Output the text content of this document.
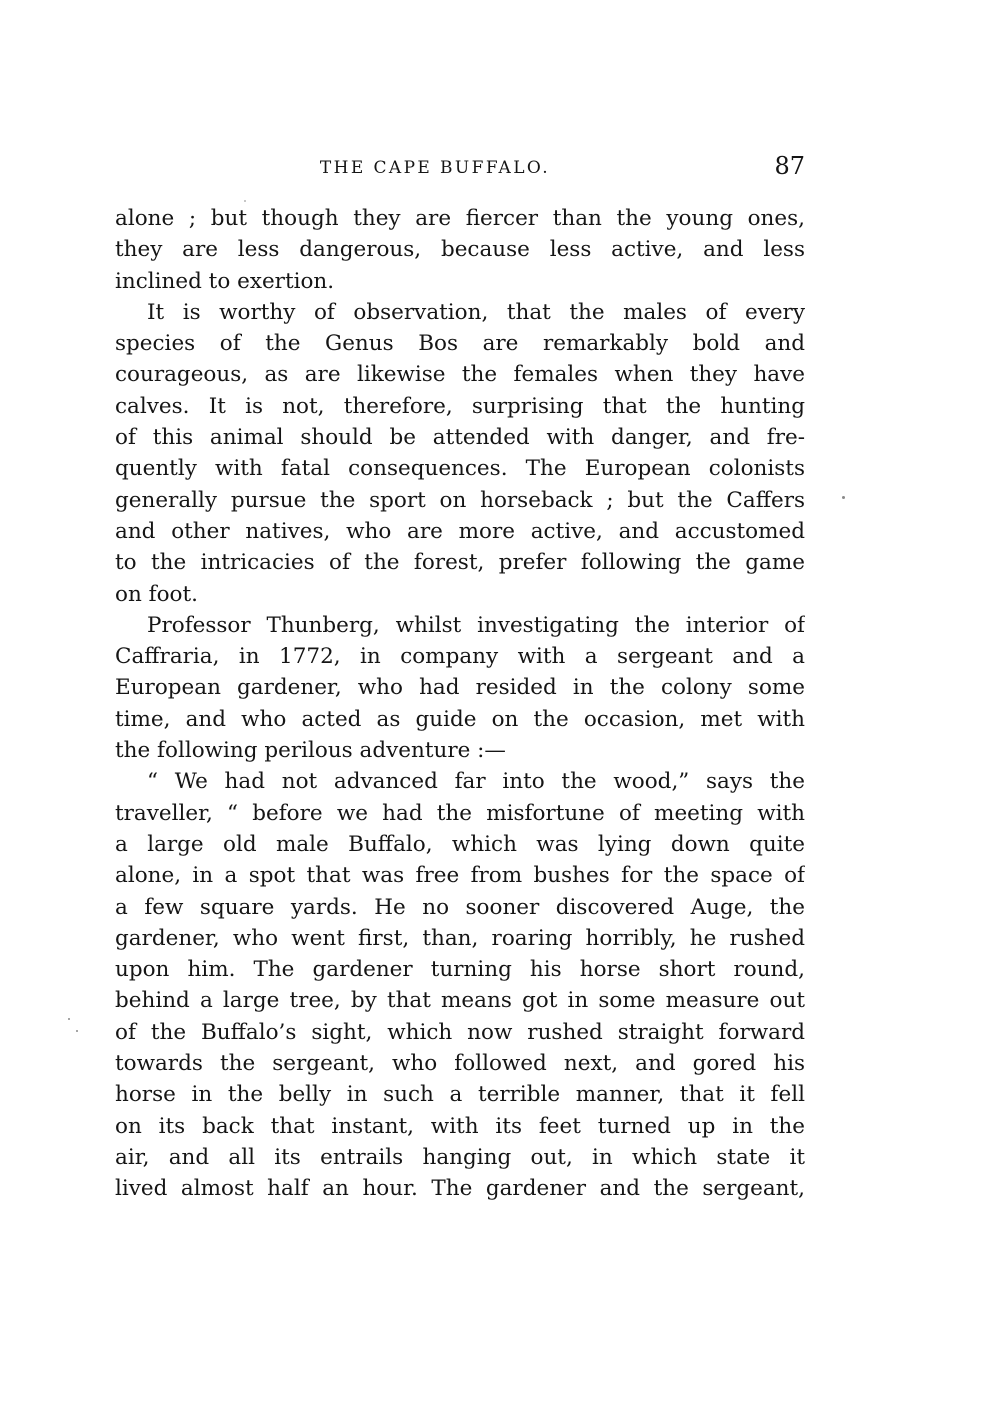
THE CAPE BUFFALO.	87
alone ; but though they are fiercer than the young ones,
they are less dangerous, because less active, and less
inclined to exertion.
It is worthy of observation, that the males of every
species of the Genus Bos are remarkably bold and
courageous, as are likewise the females when they have
calves. It is not, therefore, surprising that the hunting
of this animal should be attended with danger, and fre-
quently with fatal consequences. The European colonists
generally pursue the sport on horseback ; but the Caffers
and other natives, who are more active, and accustomed
to the intricacies of the forest, prefer following the game
on foot.
Professor Thunberg, whilst investigating the interior of
Caffraria, in 1772, in company with a sergeant and a
European gardener, who had resided in the colony some
time, and who acted as guide on the occasion, met with
the following perilous adventure :—
“ We had not advanced far into the wood,” says the
traveller, “ before we had the misfortune of meeting with
a large old male Buffalo, which was lying down quite
alone, in a spot that was free from bushes for the space of
a few square yards. He no sooner discovered Auge, the
gardener, who went first, than, roaring horribly, he rushed
upon him. The gardener turning his horse short round,
behind a large tree, by that means got in some measure out
of the Buffalo’s sight, which now rushed straight forward
towards the sergeant, who followed next, and gored his
horse in the belly in such a terrible manner, that it fell
on its back that instant, with its feet turned up in the
air, and all its entrails hanging out, in which state it
lived almost half an hour. The gardener and the sergeant,
